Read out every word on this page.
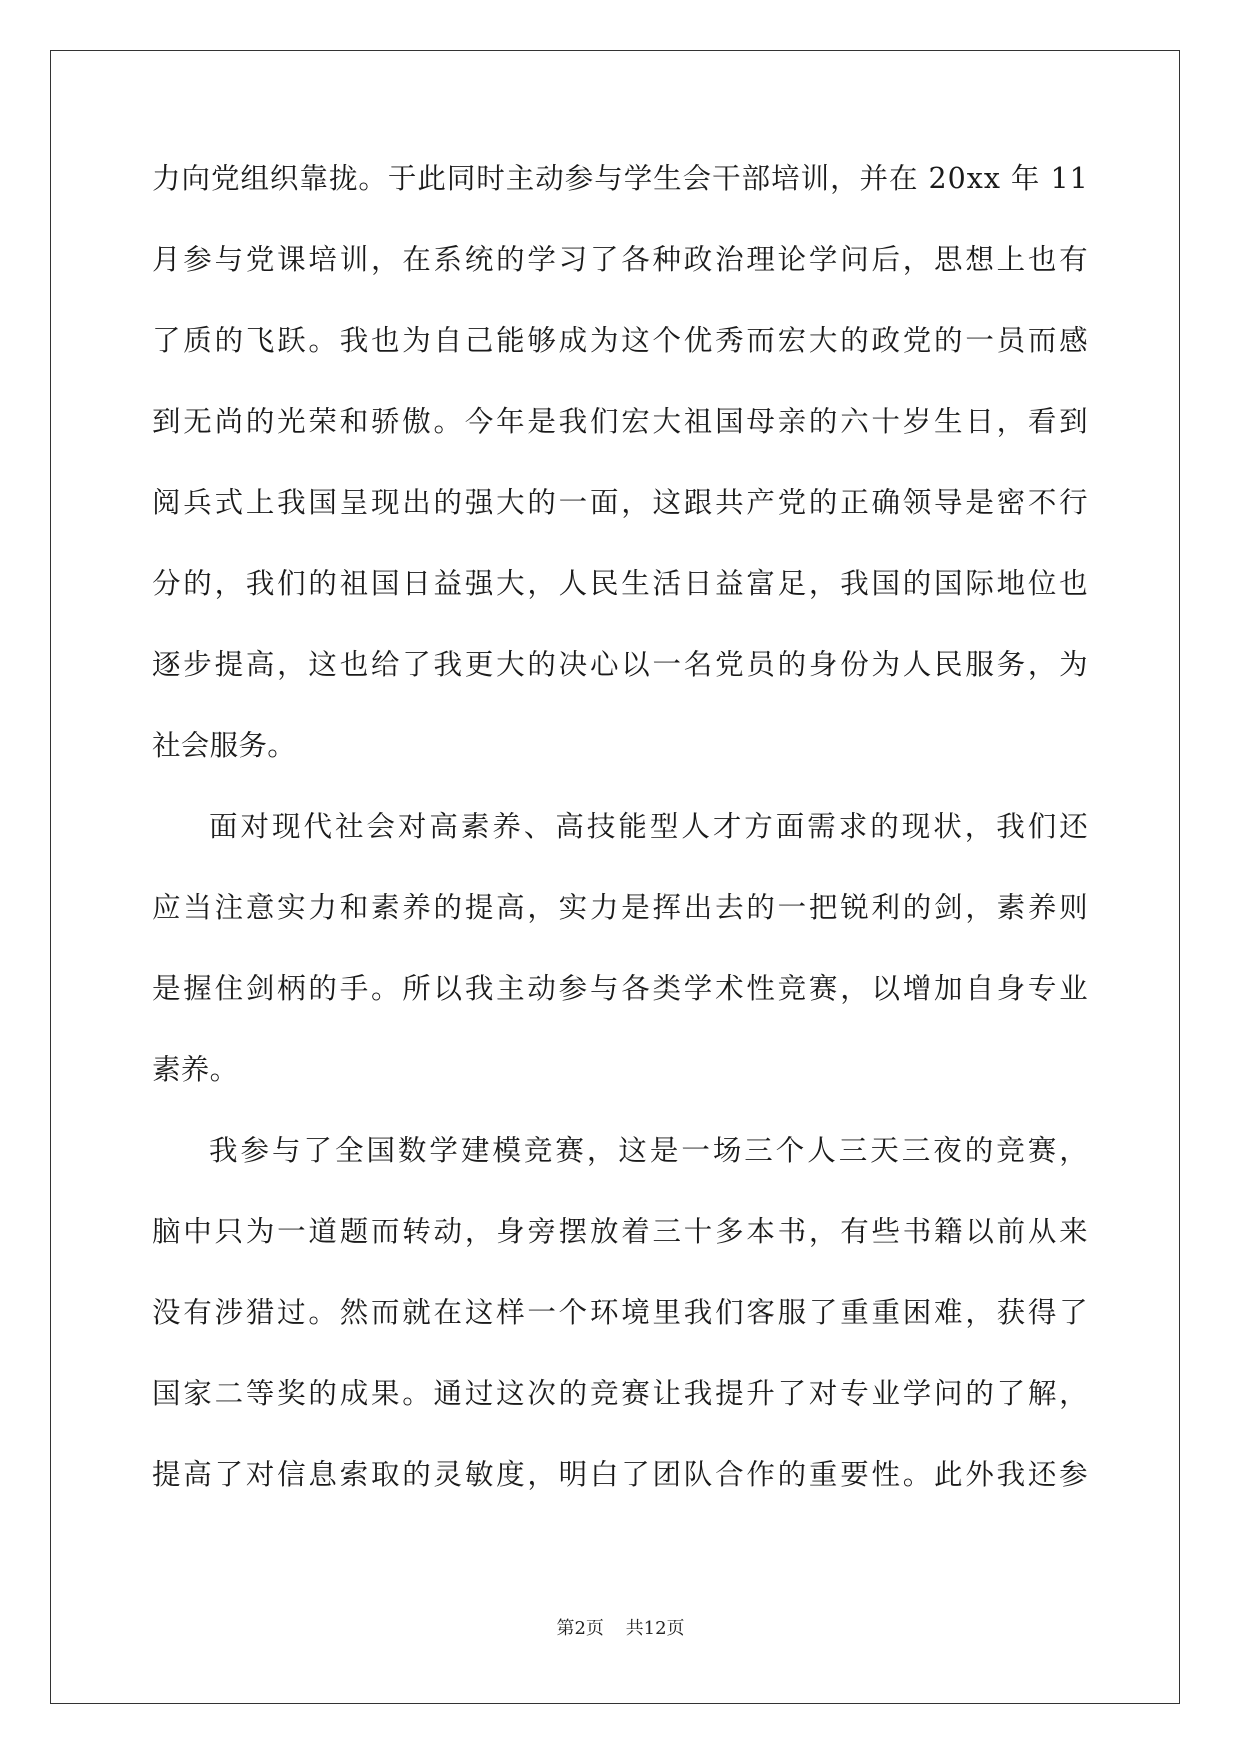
力向党组织靠拢。于此同时主动参与学生会干部培训，并在 20xx 年 11
月参与党课培训，在系统的学习了各种政治理论学问后，思想上也有
了质的飞跃。我也为自己能够成为这个优秀而宏大的政党的一员而感
到无尚的光荣和骄傲。今年是我们宏大祖国母亲的六十岁生日，看到
阅兵式上我国呈现出的强大的一面，这跟共产党的正确领导是密不行
分的，我们的祖国日益强大，人民生活日益富足，我国的国际地位也
逐步提高，这也给了我更大的决心以一名党员的身份为人民服务，为
社会服务。
面对现代社会对高素养、高技能型人才方面需求的现状，我们还
应当注意实力和素养的提高，实力是挥出去的一把锐利的剑，素养则
是握住剑柄的手。所以我主动参与各类学术性竞赛，以增加自身专业
素养。
我参与了全国数学建模竞赛，这是一场三个人三天三夜的竞赛，
脑中只为一道题而转动，身旁摆放着三十多本书，有些书籍以前从来
没有涉猎过。然而就在这样一个环境里我们客服了重重困难，获得了
国家二等奖的成果。通过这次的竞赛让我提升了对专业学问的了解，
提高了对信息索取的灵敏度，明白了团队合作的重要性。此外我还参
第2页 共12页
